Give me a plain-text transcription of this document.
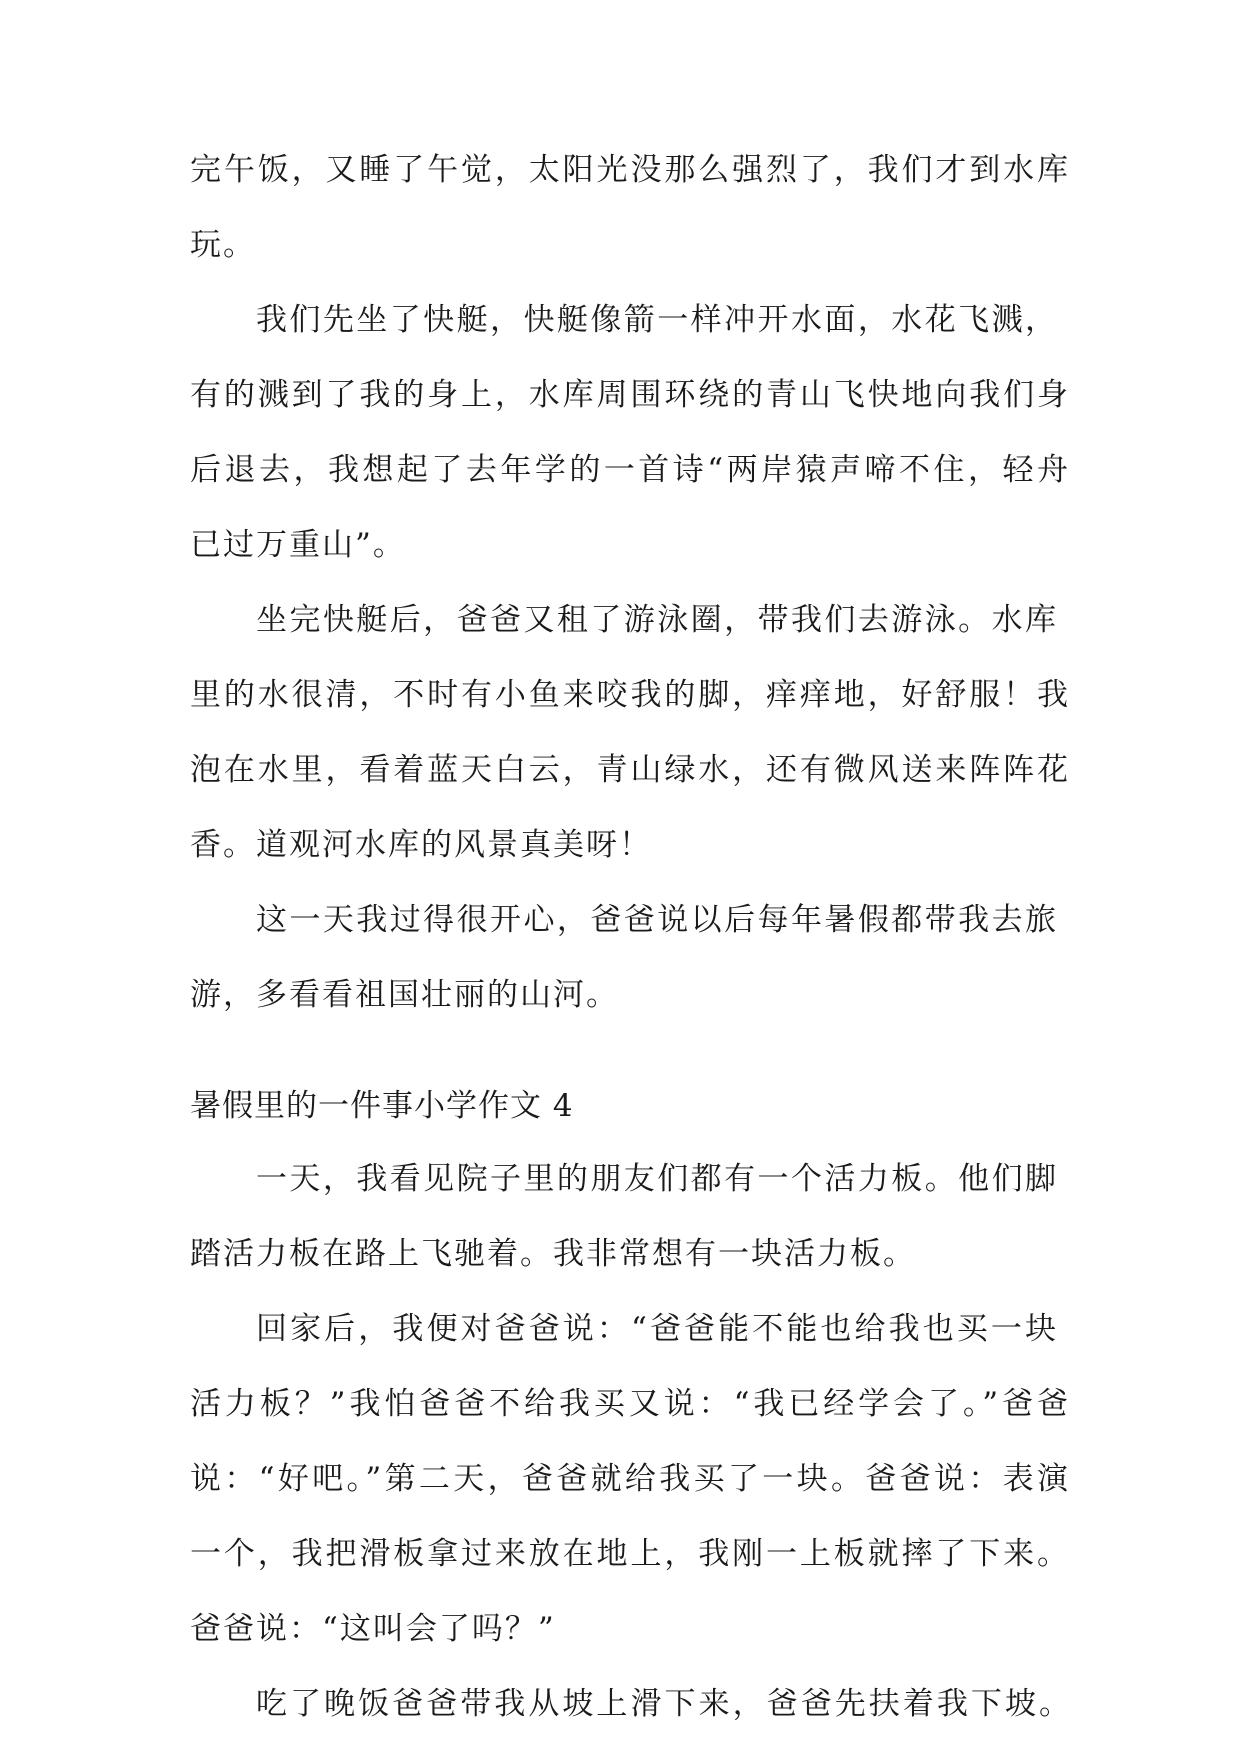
完午饭，又睡了午觉，太阳光没那么强烈了，我们才到水库
玩。
我们先坐了快艇，快艇像箭一样冲开水面，水花飞溅，
有的溅到了我的身上，水库周围环绕的青山飞快地向我们身
后退去，我想起了去年学的一首诗“两岸猿声啼不住，轻舟
已过万重山”。
坐完快艇后，爸爸又租了游泳圈，带我们去游泳。水库
里的水很清，不时有小鱼来咬我的脚，痒痒地，好舒服！我
泡在水里，看着蓝天白云，青山绿水，还有微风送来阵阵花
香。道观河水库的风景真美呀！
这一天我过得很开心，爸爸说以后每年暑假都带我去旅
游，多看看祖国壮丽的山河。
暑假里的一件事小学作文 4
一天，我看见院子里的朋友们都有一个活力板。他们脚
踏活力板在路上飞驰着。我非常想有一块活力板。
回家后，我便对爸爸说：“爸爸能不能也给我也买一块
活力板？”我怕爸爸不给我买又说：“我已经学会了。”爸爸
说：“好吧。”第二天，爸爸就给我买了一块。爸爸说：表演
一个，我把滑板拿过来放在地上，我刚一上板就摔了下来。
爸爸说：“这叫会了吗？”
吃了晚饭爸爸带我从坡上滑下来，爸爸先扶着我下坡。
